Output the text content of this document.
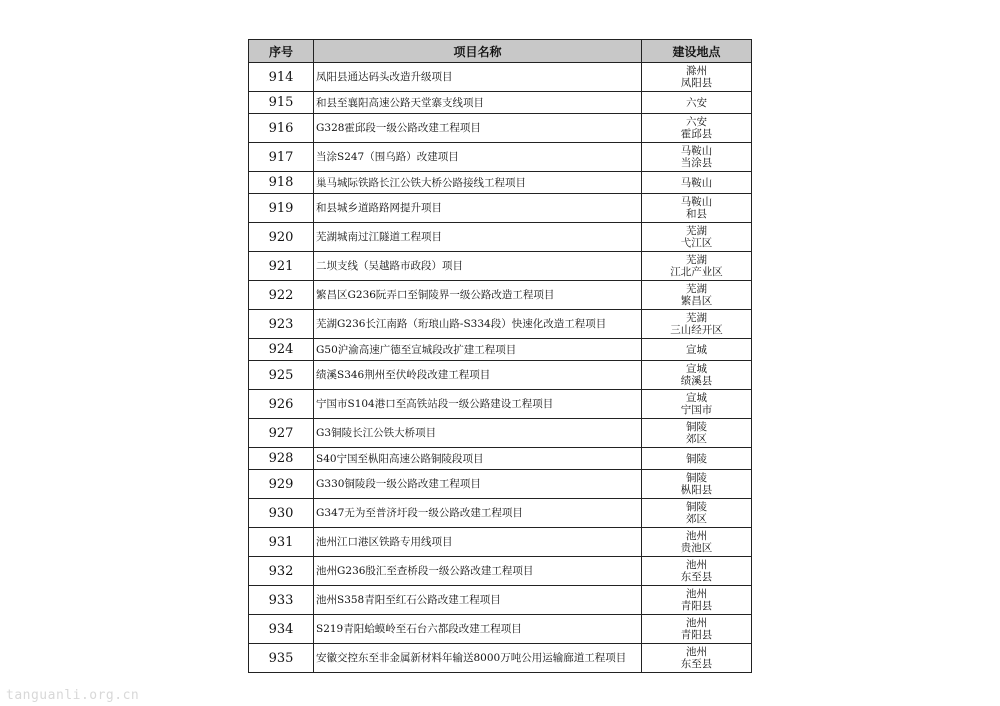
序号	项目名称	建设地点
914	凤阳县通达码头改造升级项目	滁州
凤阳县

915	和县至襄阳高速公路天堂寨支线项目	六安

916	G328霍邱段一级公路改建工程项目	六安
霍邱县

917	当涂S247（围乌路）改建项目	马鞍山
当涂县

918	巢马城际铁路长江公铁大桥公路接线工程项目	马鞍山

919	和县城乡道路路网提升项目	马鞍山
和县

920	芜湖城南过江隧道工程项目	芜湖
弋江区

921	二坝支线（吴越路市政段）项目	芜湖
江北产业区

922	繁昌区G236阮弄口至铜陵界一级公路改造工程项目	芜湖
繁昌区

923	芜湖G236长江南路（珩琅山路-S334段）快速化改造工程项目	芜湖
三山经开区

924	G50沪渝高速广德至宣城段改扩建工程项目	宣城

925	绩溪S346荆州至伏岭段改建工程项目	宣城
绩溪县

926	宁国市S104港口至高铁站段一级公路建设工程项目	宣城
宁国市

927	G3铜陵长江公铁大桥项目	铜陵
郊区

928	S40宁国至枞阳高速公路铜陵段项目	铜陵

929	G330铜陵段一级公路改建工程项目	铜陵
枞阳县

930	G347无为至普济圩段一级公路改建工程项目	铜陵
郊区

931	池州江口港区铁路专用线项目	池州
贵池区

932	池州G236殷汇至查桥段一级公路改建工程项目	池州
东至县

933	池州S358青阳至红石公路改建工程项目	池州
青阳县

934	S219青阳蛤蟆岭至石台六都段改建工程项目	池州
青阳县

935	安徽交控东至非金属新材料年输送8000万吨公用运输廊道工程项目	池州
东至县
tanguanli.org.cn
